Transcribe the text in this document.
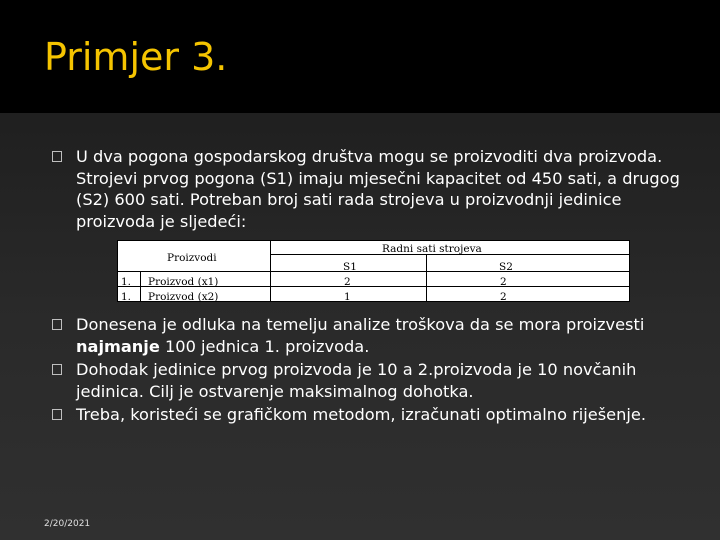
Primjer 3.

U dva pogona gospodarskog društva mogu se proizvoditi dva proizvoda. Strojevi prvog pogona (S1) imaju mjesečni kapacitet od 450 sati, a drugog (S2) 600 sati. Potreban broj sati rada strojeva u proizvodnji jedinice proizvoda je sljedeći:

Radni sati strojeva
Proizvodi
S1	S2
1. Proizvod (x1)	2	2
1. Proizvod (x2)	1	2

Donesena je odluka na temelju analize troškova da se mora proizvesti najmanje 100 jednica 1. proizvoda.

Dohodak jedinice prvog proizvoda je 10 a 2.proizvoda je 10 novčanih jedinica. Cilj je ostvarenje maksimalnog dohotka.

Treba, koristeći se grafičkom metodom, izračunati optimalno riješenje.

2/20/2021
